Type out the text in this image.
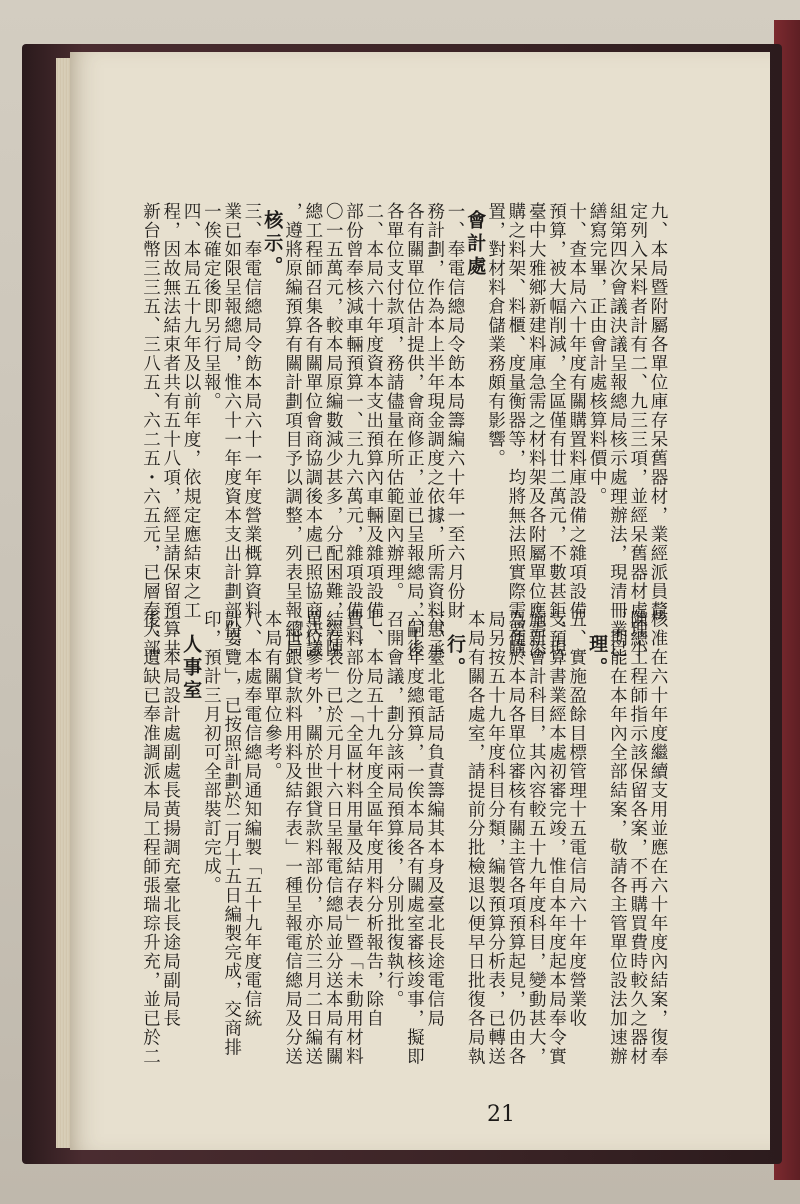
九、本局暨附屬各單位庫存呆舊器材，業經派員釐
定列入呆料者計有二、九三三項，並經呆舊器材處理小
組第四次會議決議呈報總局核示處理辦法，現清冊業已
繕寫完畢，正由會計處核算料價中。
十、查本局六十年度有關購置料庫設備之雜項設備
預算，被大幅削減，全區僅有廿二萬元，不數甚鉅，現
臺中大雅鄉新建料庫急需之材料架及各附屬單位應需添
購之料架、料櫃、度量衡器等，均將無法照實際需要購
置，對材料倉儲業務頗有影響。
會計處
一、奉電信總局令飭本局籌編六十年一至六月份財
務計劃，作為本上半年現金調度之依據，所需資料惠承
各有關單位估計提供，會商修正，並已呈報總局，嗣後
各單位支付款項，務請儘量在所估範圍內辦理。
二、本局六十年度資本支出預算內車輛及雜項設備
部份曾奉核減車輛預算一、三九六萬元，雜項設備一、
〇一五萬元，較本局原編數減少甚多，分配困難，經陳
總工程師召集各有關單位會商協調後本處已照協商決議
，遵將原編預算有關計劃項目予以調整，列表呈報總局
核示。
三、奉電信總局令飭本局六十一年度營業概算資料
業已如限呈報總局，惟六十一年度資本支出計劃部份，
一俟確定後即另行呈報。
四、本局五十九年及以前年度，依規定應結束之工
程，因故無法結束者共有五十八項，經呈請保留預算共
新台幣三三五、三八五、六二五・六五元，已層奉大部
核准在六十年度繼續支用並應在六十年度內結案，復奉
陳總工程師指示該保留各案，不再購買費時較久之器材
，期能在本年內全部結案，敬請各主管單位設法加速辦
理。
五、實施盈餘目標管理十五電信局六十年度營業收
支預算書業經本處初審完竣，惟自本年度起本局奉令實
施新會計科目，其內容較五十九年度科目，變動甚大，
為便於本局各單位審核有關主管各項預算起見，仍由各
局另按五十九年度科目分類，編製預算分析表，已轉送
本局有關各處室，請提前分批檢退以便早日批復各局執
行。
六、臺北電話局負責籌編其本身及臺北長途電信局
六十年度總預算，一俟本局各有關處室審核竣事，擬即
召開會議，劃分該兩局預算後，分別批復執行。
七、本局五十九年度全區年度用料分析報告，除自
費料部份之「全區材料用量及結存表」暨「未動用材料
結存表」已於元月十六日呈報電信總局並分送本局有關
單位參考外，關於世銀貸款料部份，亦於三月二日編送
「世銀貸款料用料及結存表」一種呈報電信總局及分送
本局有關單位參考。
八、本處奉電信總局通知編製「五十九年度電信統
計要覽」，已按照計劃於二月十五日編製完成，交商排
印，預計三月初可全部裝訂完成。
人事室
一、本局設計處副處長黃揚調充臺北長途局副局長
後，遺缺已奉准調派本局工程師張瑞琮升充，並已於二
21
